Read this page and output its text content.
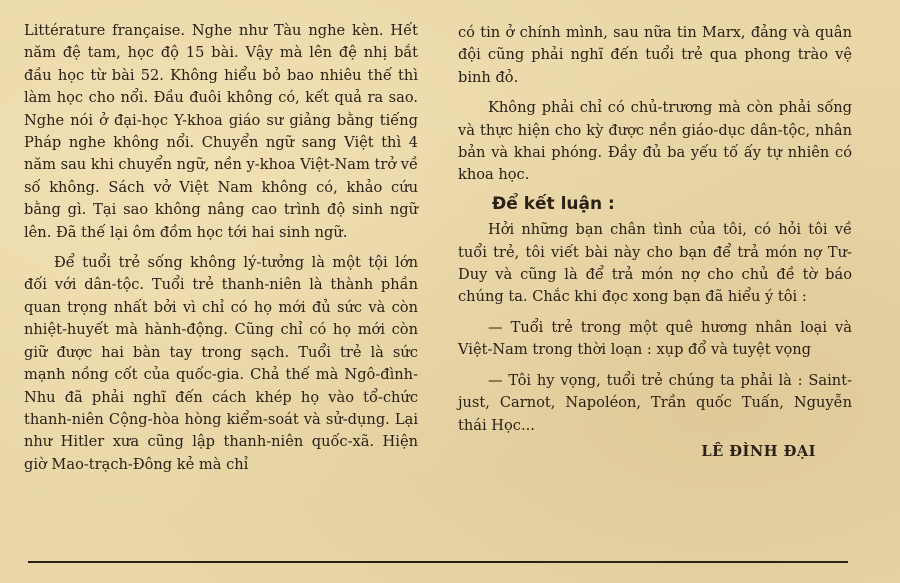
Littérature française. Nghe như Tàu nghe kèn. Hết năm đệ tam, học độ 15 bài. Vậy mà lên đệ nhị bắt đầu học từ bài 52. Không hiểu bỏ bao nhiêu thế thì làm học cho nổi. Đầu đuôi không có, kết quả ra sao. Nghe nói ở đại-học Y-khoa giáo sư giảng bằng tiếng Pháp nghe không nổi. Chuyển ngữ sang Việt thì 4 năm sau khi chuyển ngữ, nền y-khoa Việt-Nam trở về số không. Sách vở Việt Nam không có, khảo cứu bằng gì. Tại sao không nâng cao trình độ sinh ngữ lên. Đã thế lại ôm đồm học tới hai sinh ngữ.

Để tuổi trẻ sống không lý-tưởng là một tội lớn đối với dân-tộc. Tuổi trẻ thanh-niên là thành phần quan trọng nhất bởi vì chỉ có họ mới đủ sức và còn nhiệt-huyết mà hành-động. Cũng chỉ có họ mới còn giữ được hai bàn tay trong sạch. Tuổi trẻ là sức mạnh nồng cốt của quốc-gia. Chả thế mà Ngô-đình-Nhu đã phải nghĩ đến cách khép họ vào tổ-chức thanh-niên Cộng-hòa hòng kiểm-soát và sử-dụng. Lại như Hitler xưa cũng lập thanh-niên quốc-xã. Hiện giờ Mao-trạch-Đông kẻ mà chỉ

có tin ở chính mình, sau nữa tin Marx, đảng và quân đội cũng phải nghĩ đến tuổi trẻ qua phong trào vệ binh đỏ.

Không phải chỉ có chủ-trương mà còn phải sống và thực hiện cho kỳ được nền giáo-dục dân-tộc, nhân bản và khai phóng. Đầy đủ ba yếu tố ấy tự nhiên có khoa học.

Để kết luận :

Hởi những bạn chân tình của tôi, có hỏi tôi về tuổi trẻ, tôi viết bài này cho bạn để trả món nợ Tư-Duy và cũng là để trả món nợ cho chủ đề tờ báo chúng ta. Chắc khi đọc xong bạn đã hiểu ý tôi :

— Tuổi trẻ trong một quê hương nhân loại và Việt-Nam trong thời loạn : xụp đổ và tuyệt vọng

— Tôi hy vọng, tuổi trẻ chúng ta phải là : Saint-just, Carnot, Napoléon, Trần quốc Tuấn, Nguyễn thái Học...

LÊ ĐÌNH ĐẠI
